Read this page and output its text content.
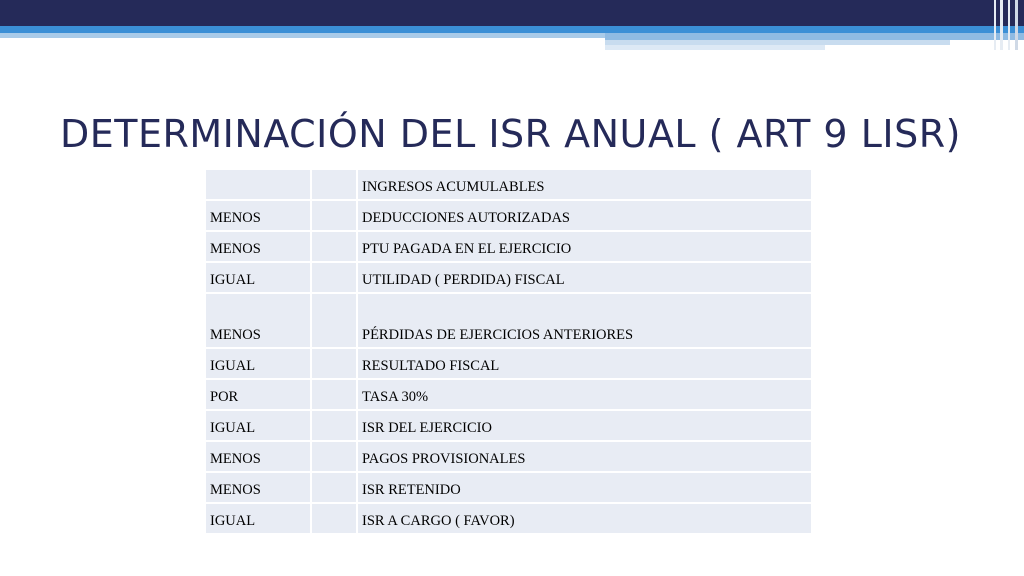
DETERMINACIÓN DEL ISR ANUAL ( ART 9 LISR)
		INGRESOS ACUMULABLES
MENOS		DEDUCCIONES AUTORIZADAS
MENOS		PTU PAGADA EN EL EJERCICIO
IGUAL		UTILIDAD ( PERDIDA) FISCAL
MENOS		PÉRDIDAS DE EJERCICIOS ANTERIORES
IGUAL		RESULTADO FISCAL
POR		TASA 30%
IGUAL		ISR DEL EJERCICIO
MENOS		PAGOS PROVISIONALES
MENOS		ISR RETENIDO
IGUAL		ISR A CARGO ( FAVOR)
